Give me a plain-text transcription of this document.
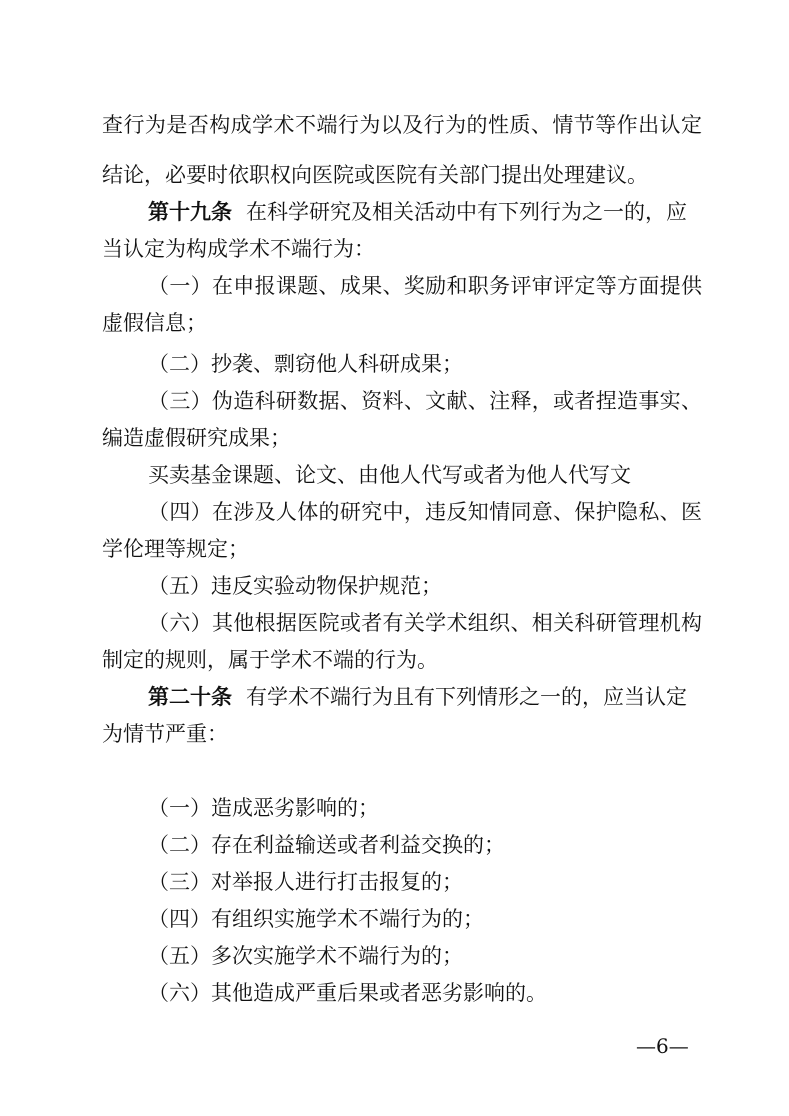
查行为是否构成学术不端行为以及行为的性质、情节等作出认定
结论，必要时依职权向医院或医院有关部门提出处理建议。
第十九条 在科学研究及相关活动中有下列行为之一的，应
当认定为构成学术不端行为：
（一）在申报课题、成果、奖励和职务评审评定等方面提供
虚假信息；
（二）抄袭、剽窃他人科研成果；
（三）伪造科研数据、资料、文献、注释，或者捏造事实、
编造虚假研究成果；
买卖基金课题、论文、由他人代写或者为他人代写文
（四）在涉及人体的研究中，违反知情同意、保护隐私、医
学伦理等规定；
（五）违反实验动物保护规范；
（六）其他根据医院或者有关学术组织、相关科研管理机构
制定的规则，属于学术不端的行为。
第二十条 有学术不端行为且有下列情形之一的，应当认定
为情节严重：
（一）造成恶劣影响的；
（二）存在利益输送或者利益交换的；
（三）对举报人进行打击报复的；
（四）有组织实施学术不端行为的；
（五）多次实施学术不端行为的；
（六）其他造成严重后果或者恶劣影响的。
—6—
